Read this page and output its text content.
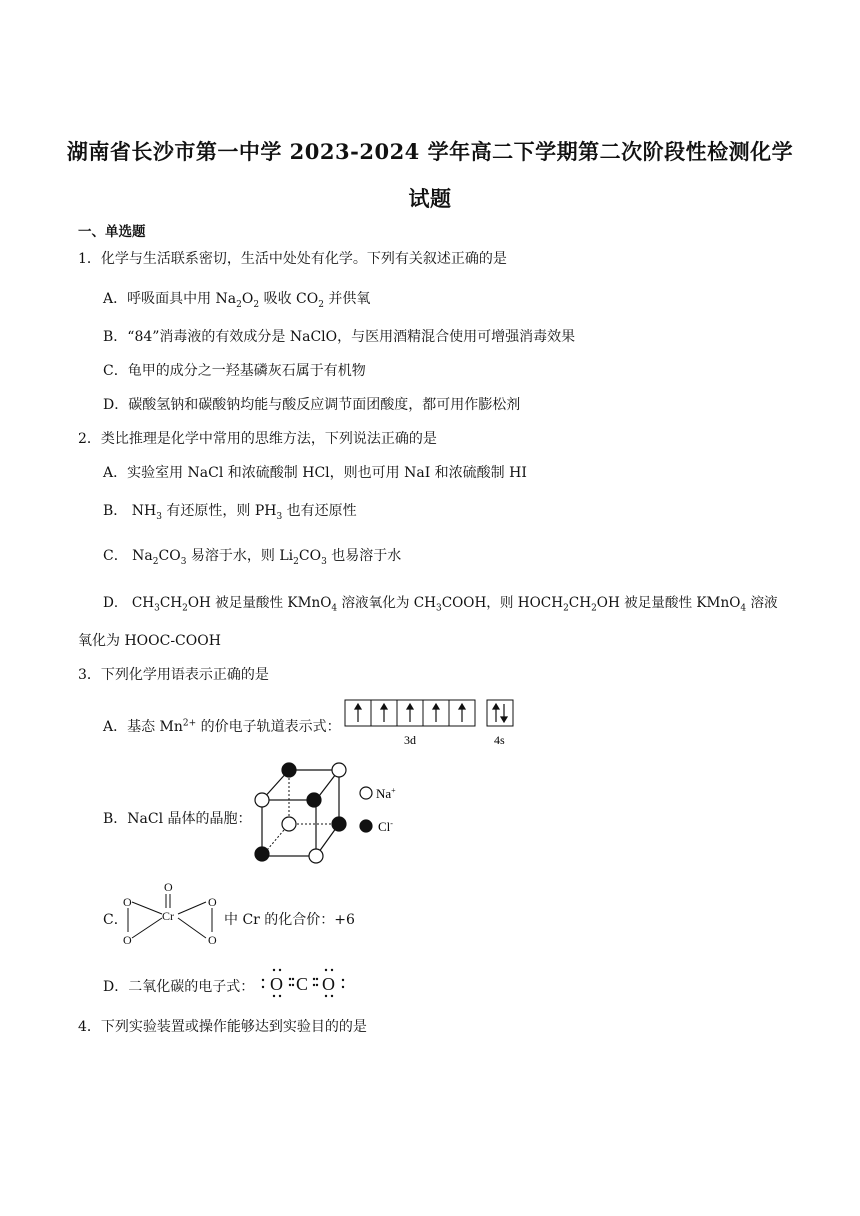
湖南省长沙市第一中学 2023-2024 学年高二下学期第二次阶段性检测化学
试题
一、单选题
1．化学与生活联系密切，生活中处处有化学。下列有关叙述正确的是
A．呼吸面具中用 $Na_2O_2$ 吸收 $CO_2$ 并供氧
B．“84”消毒液的有效成分是 NaClO，与医用酒精混合使用可增强消毒效果
C．龟甲的成分之一羟基磷灰石属于有机物
D．碳酸氢钠和碳酸钠均能与酸反应调节面团酸度，都可用作膨松剂
2．类比推理是化学中常用的思维方法，下列说法正确的是
A．实验室用 NaCl 和浓硫酸制 HCl，则也可用 NaI 和浓硫酸制 HI
B． $NH_3$ 有还原性，则 $PH_3$ 也有还原性
C． $Na_2CO_3$ 易溶于水，则 $Li_2CO_3$ 也易溶于水
D． $CH_3CH_2OH$ 被足量酸性 KMnO$_4$ 溶液氧化为 $CH_3COOH$，则 $HOCH_2CH_2OH$ 被足量酸性 KMnO$_4$ 溶液
氧化为 HOOC-COOH
3．下列化学用语表示正确的是
A．基态 $Mn^{2+}$ 的价电子轨道表示式：
3d	4s
B．NaCl 晶体的晶胞：
Na+
Cl-
C．
O
Cr
O
O
O
O
中 Cr 的化合价：+6
D．二氧化碳的电子式： O C O
4．下列实验装置或操作能够达到实验目的的是
